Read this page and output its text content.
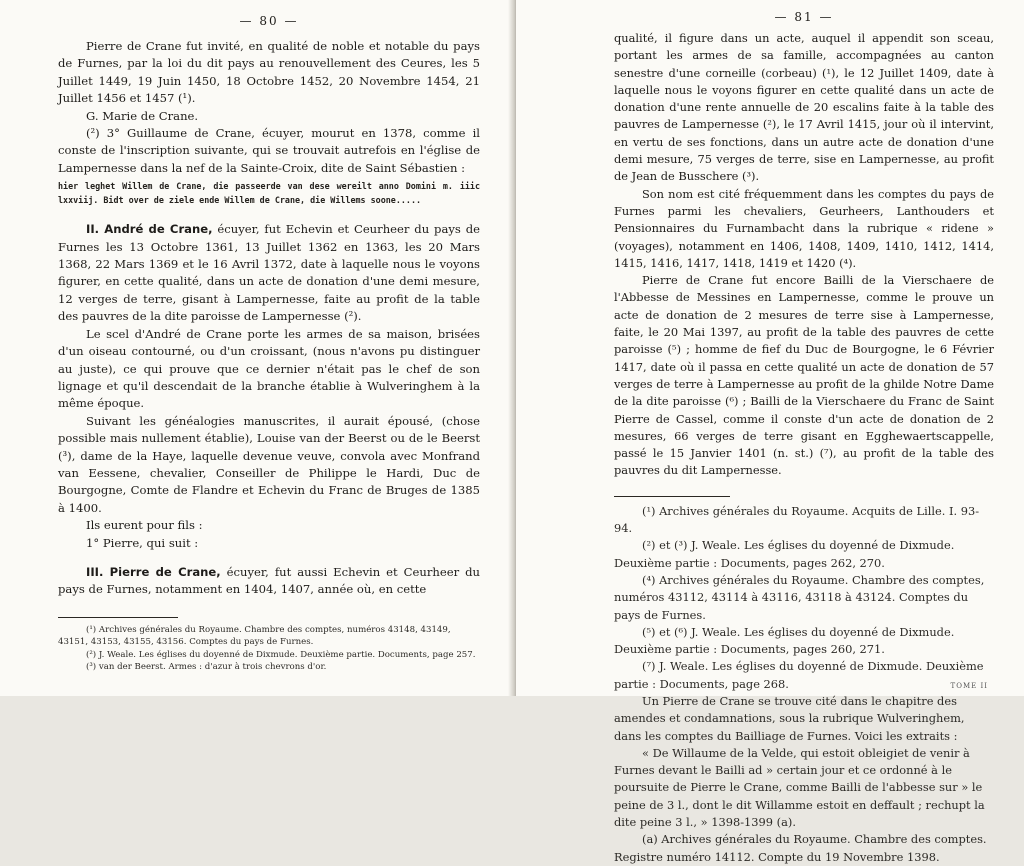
— 80 —

Pierre de Crane fut invité, en qualité de noble et notable du pays de Furnes, par la loi du dit pays au renouvellement des Ceures, les 5 Juillet 1449, 19 Juin 1450, 18 Octobre 1452, 20 Novembre 1454, 21 Juillet 1456 et 1457 (¹).

G. Marie de Crane.

(²) 3° Guillaume de Crane, écuyer, mourut en 1378, comme il conste de l'inscription suivante, qui se trouvait autrefois en l'église de Lampernesse dans la nef de la Sainte-Croix, dite de Saint Sébastien :

hier leghet Willem de Crane, die passeerde van dese wereilt anno Domini m. iiic lxxviij. Bidt over de ziele ende Willem de Crane, die Willems soone.....

II. André de Crane, écuyer, fut Echevin et Ceurheer du pays de Furnes les 13 Octobre 1361, 13 Juillet 1362 en 1363, les 20 Mars 1368, 22 Mars 1369 et le 16 Avril 1372, date à laquelle nous le voyons figurer, en cette qualité, dans un acte de donation d'une demi mesure, 12 verges de terre, gisant à Lampernesse, faite au profit de la table des pauvres de la dite paroisse de Lampernesse (²).

Le scel d'André de Crane porte les armes de sa maison, brisées d'un oiseau contourné, ou d'un croissant, (nous n'avons pu distinguer au juste), ce qui prouve que ce dernier n'était pas le chef de son lignage et qu'il descendait de la branche établie à Wulveringhem à la même époque.

Suivant les généalogies manuscrites, il aurait épousé, (chose possible mais nullement établie), Louise van der Beerst ou de le Beerst (³), dame de la Haye, laquelle devenue veuve, convola avec Monfrand van Eessene, chevalier, Conseiller de Philippe le Hardi, Duc de Bourgogne, Comte de Flandre et Echevin du Franc de Bruges de 1385 à 1400.

Ils eurent pour fils :

1° Pierre, qui suit :

III. Pierre de Crane, écuyer, fut aussi Echevin et Ceurheer du pays de Furnes, notamment en 1404, 1407, année où, en cette

(¹) Archives générales du Royaume. Chambre des comptes, numéros 43148, 43149, 43151, 43153, 43155, 43156. Comptes du pays de Furnes.

(²) J. Weale. Les églises du doyenné de Dixmude. Deuxième partie. Documents, page 257.

(³) van der Beerst. Armes : d'azur à trois chevrons d'or.

— 81 —

qualité, il figure dans un acte, auquel il appendit son sceau, portant les armes de sa famille, accompagnées au canton senestre d'une corneille (corbeau) (¹), le 12 Juillet 1409, date à laquelle nous le voyons figurer en cette qualité dans un acte de donation d'une rente annuelle de 20 escalins faite à la table des pauvres de Lampernesse (²), le 17 Avril 1415, jour où il intervint, en vertu de ses fonctions, dans un autre acte de donation d'une demi mesure, 75 verges de terre, sise en Lampernesse, au profit de Jean de Busschere (³).

Son nom est cité fréquemment dans les comptes du pays de Furnes parmi les chevaliers, Geurheers, Lanthouders et Pensionnaires du Furnambacht dans la rubrique « ridene » (voyages), notamment en 1406, 1408, 1409, 1410, 1412, 1414, 1415, 1416, 1417, 1418, 1419 et 1420 (⁴).

Pierre de Crane fut encore Bailli de la Vierschaere de l'Abbesse de Messines en Lampernesse, comme le prouve un acte de donation de 2 mesures de terre sise à Lampernesse, faite, le 20 Mai 1397, au profit de la table des pauvres de cette paroisse (⁵) ; homme de fief du Duc de Bourgogne, le 6 Février 1417, date où il passa en cette qualité un acte de donation de 57 verges de terre à Lampernesse au profit de la ghilde Notre Dame de la dite paroisse (⁶) ; Bailli de la Vierschaere du Franc de Saint Pierre de Cassel, comme il conste d'un acte de donation de 2 mesures, 66 verges de terre gisant en Egghewaertscappelle, passé le 15 Janvier 1401 (n. st.) (⁷), au profit de la table des pauvres du dit Lampernesse.

(¹) Archives générales du Royaume. Acquits de Lille. I. 93-94.

(²) et (³) J. Weale. Les églises du doyenné de Dixmude. Deuxième partie : Documents, pages 262, 270.

(⁴) Archives générales du Royaume. Chambre des comptes, numéros 43112, 43114 à 43116, 43118 à 43124. Comptes du pays de Furnes.

(⁵) et (⁶) J. Weale. Les églises du doyenné de Dixmude. Deuxième partie : Documents, pages 260, 271.

(⁷) J. Weale. Les églises du doyenné de Dixmude. Deuxième partie : Documents, page 268.

Un Pierre de Crane se trouve cité dans le chapitre des amendes et condamnations, sous la rubrique Wulveringhem, dans les comptes du Bailliage de Furnes. Voici les extraits :

« De Willaume de la Velde, qui estoit obleigiet de venir à Furnes devant le Bailli ad » certain jour et ce ordonné à le poursuite de Pierre le Crane, comme Bailli de l'abbesse sur » le peine de 3 l., dont le dit Willamme estoit en deffault ; rechupt la dite peine 3 l., » 1398-1399 (a).

(a) Archives générales du Royaume. Chambre des comptes. Registre numéro 14112. Compte du 19 Novembre 1398.

TOME II
